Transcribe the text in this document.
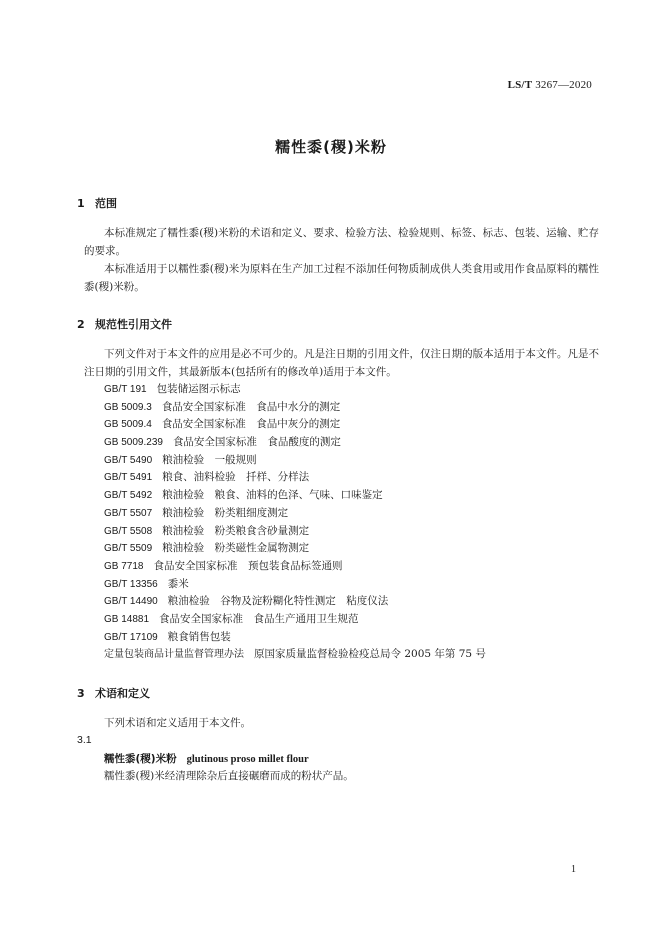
LS/T 3267—2020
糯性黍(稷)米粉
1 范围
本标准规定了糯性黍(稷)米粉的术语和定义、要求、检验方法、检验规则、标签、标志、包装、运输、贮存的要求。
本标准适用于以糯性黍(稷)米为原料在生产加工过程不添加任何物质制成供人类食用或用作食品原料的糯性黍(稷)米粉。
2 规范性引用文件
下列文件对于本文件的应用是必不可少的。凡是注日期的引用文件，仅注日期的版本适用于本文件。凡是不注日期的引用文件，其最新版本(包括所有的修改单)适用于本文件。
GB/T 191 包装储运图示标志
GB 5009.3 食品安全国家标准　食品中水分的测定
GB 5009.4 食品安全国家标准　食品中灰分的测定
GB 5009.239 食品安全国家标准　食品酸度的测定
GB/T 5490 粮油检验　一般规则
GB/T 5491 粮食、油料检验　扦样、分样法
GB/T 5492 粮油检验　粮食、油料的色泽、气味、口味鉴定
GB/T 5507 粮油检验　粉类粗细度测定
GB/T 5508 粮油检验　粉类粮食含砂量测定
GB/T 5509 粮油检验　粉类磁性金属物测定
GB 7718 食品安全国家标准　预包装食品标签通则
GB/T 13356 黍米
GB/T 14490 粮油检验　谷物及淀粉糊化特性测定　粘度仪法
GB 14881 食品安全国家标准　食品生产通用卫生规范
GB/T 17109 粮食销售包装
定量包装商品计量监督管理办法 原国家质量监督检验检疫总局令 2005 年第 75 号
3 术语和定义
下列术语和定义适用于本文件。
3.1
糯性黍(稷)米粉 glutinous proso millet flour
糯性黍(稷)米经清理除杂后直接碾磨而成的粉状产品。
1
